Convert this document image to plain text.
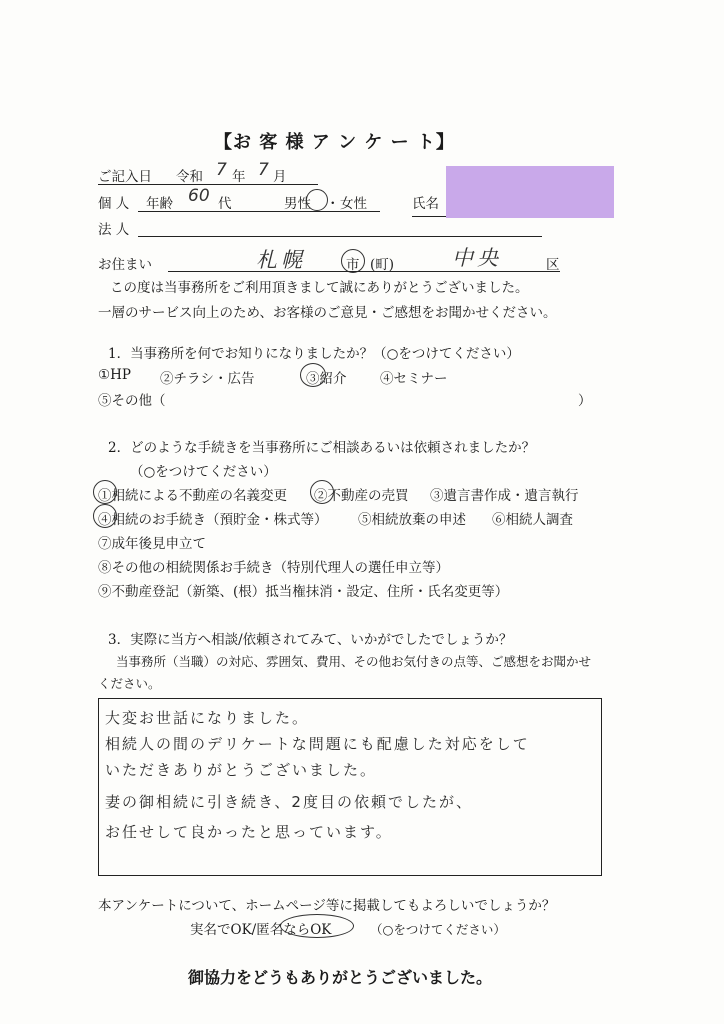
【お 客 様 ア ン ケ ー ト】
ご記入日 令和 7 年 7 月
個 人 年齢 60 代	男性 ・ 女性	氏名
法 人
お住まい	札幌	市 (町)	中央	区
この度は当事務所をご利用頂きまして誠にありがとうございました。
一層のサービス向上のため、お客様のご意見・ご感想をお聞かせください。
1．当事務所を何でお知りになりましたか？（○をつけてください）
①HP ②チラシ・広告	③紹介 ④セミナー
⑤その他（	）
2．どのような手続きを当事務所にご相談あるいは依頼されましたか？
（○をつけてください）
①相続による不動産の名義変更 ②不動産の売買 ③遺言書作成・遺言執行
④相続のお手続き（預貯金・株式等） ⑤相続放棄の申述 ⑥相続人調査
⑦成年後見申立て
⑧その他の相続関係お手続き（特別代理人の選任申立等）
⑨不動産登記（新築、(根）抵当権抹消・設定、住所・氏名変更等）
3．実際に当方へ相談/依頼されてみて、いかがでしたでしょうか？
当事務所（当職）の対応、雰囲気、費用、その他お気付きの点等、ご感想をお聞かせ
ください。
大変お世話になりました。
相続人の間のデリケートな問題にも配慮した対応をして
いただきありがとうございました。
妻の御相続に引き続き、2度目の依頼でしたが、
お任せして良かったと思っています。
本アンケートについて、ホームページ等に掲載してもよろしいでしょうか？
実名でOK/匿名ならOK	（○をつけてください）
御協力をどうもありがとうございました。
